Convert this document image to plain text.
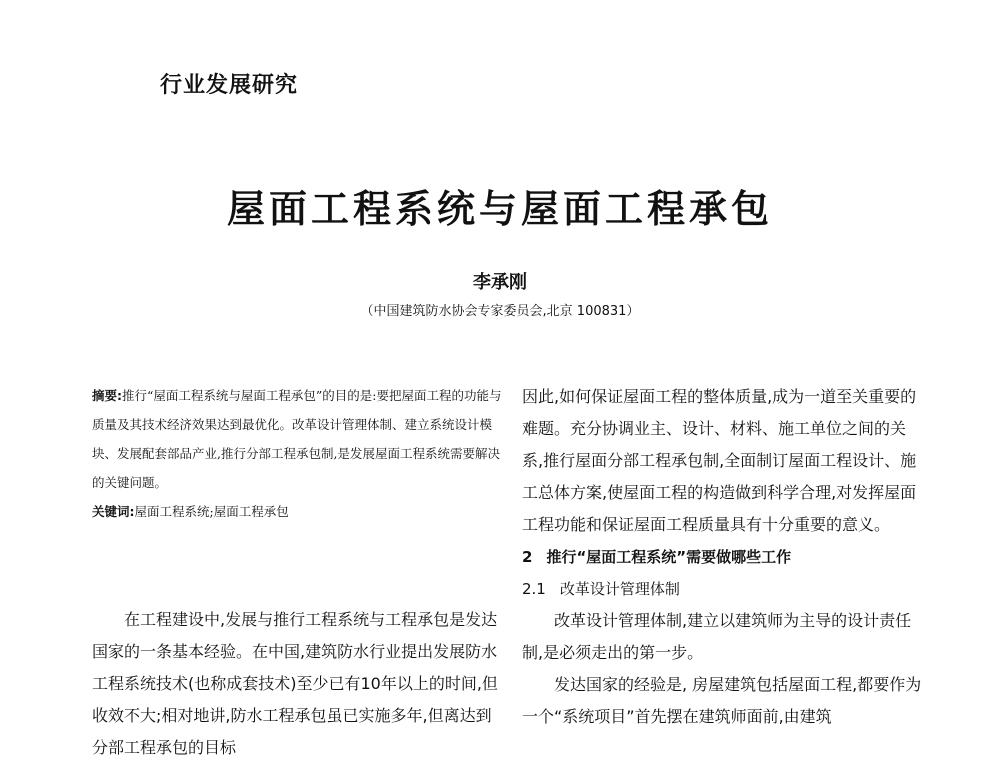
行业发展研究
屋面工程系统与屋面工程承包
李承刚
（中国建筑防水协会专家委员会,北京 100831）

摘要:推行“屋面工程系统与屋面工程承包”的目的是:要把屋面工程的功能与质量及其技术经济效果达到最优化。改革设计管理体制、建立系统设计模块、发展配套部品产业,推行分部工程承包制,是发展屋面工程系统需要解决的关键问题。

关键词:屋面工程系统;屋面工程承包

在工程建设中,发展与推行工程系统与工程承包是发达国家的一条基本经验。在中国,建筑防水行业提出发展防水工程系统技术(也称成套技术)至少已有10年以上的时间,但收效不大;相对地讲,防水工程承包虽已实施多年,但离达到分部工程承包的目标

因此,如何保证屋面工程的整体质量,成为一道至关重要的难题。充分协调业主、设计、材料、施工单位之间的关系,推行屋面分部工程承包制,全面制订屋面工程设计、施工总体方案,使屋面工程的构造做到科学合理,对发挥屋面工程功能和保证屋面工程质量具有十分重要的意义。

2 推行“屋面工程系统”需要做哪些工作

2.1 改革设计管理体制

改革设计管理体制,建立以建筑师为主导的设计责任制,是必须走出的第一步。

发达国家的经验是, 房屋建筑包括屋面工程,都要作为一个“系统项目”首先摆在建筑师面前,由建筑
